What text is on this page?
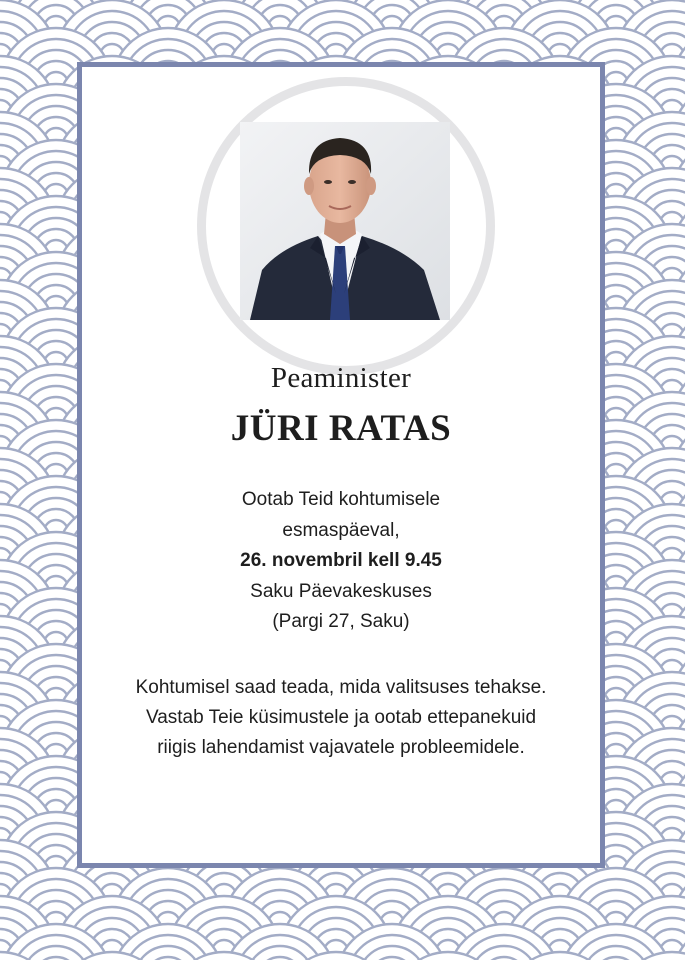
Peaminister
JÜRI RATAS
Ootab Teid kohtumisele
esmaspäeval,
26. novembril kell 9.45
Saku Päevakeskuses
(Pargi 27, Saku)
Kohtumisel saad teada, mida valitsuses tehakse.
Vastab Teie küsimustele ja ootab ettepanekuid
riigis lahendamist vajavatele probleemidele.
